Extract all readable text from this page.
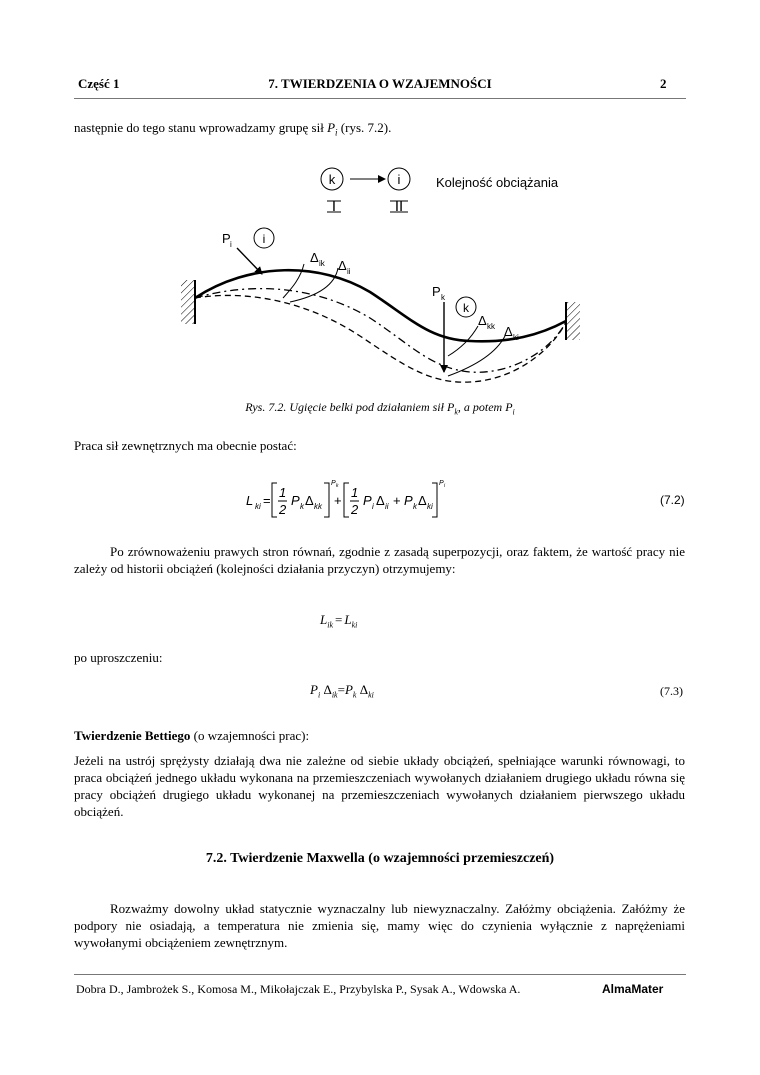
Część 1	7. TWIERDZENIA O WZAJEMNOŚCI	2
następnie do tego stanu wprowadzamy grupę sił $P_i$ (rys. 7.2).
k	i	Kolejność obciążania
I	II
P i	i
Δ ik Δ ii
P k
k
Δ kk Δ ki
Rys. 7.2. Ugięcie belki pod działaniem sił $P_k$, a potem $P_i$
Praca sił zewnętrznych ma obecnie postać:
L ki =
1
2
P k Δ kk
P k
+
1
2
P i Δ ii + P k Δ ki
P i
(7.2)
Po zrównoważeniu prawych stron równań, zgodnie z zasadą superpozycji, oraz faktem, że wartość pracy nie zależy od historii obciążeń (kolejności działania przyczyn) otrzymujemy:
$L_{ik} = L_{ki}$
po uproszczeniu:
$P_i$ $\Delta_{ik}=P_k$ $\Delta_{ki}$	(7.3)
Twierdzenie Bettiego (o wzajemności prac):
Jeżeli na ustrój sprężysty działają dwa nie zależne od siebie układy obciążeń, spełniające warunki równowagi, to praca obciążeń jednego układu wykonana na przemieszczeniach wywołanych działaniem drugiego układu równa się pracy obciążeń drugiego układu wykonanej na przemieszczeniach wywołanych działaniem pierwszego układu obciążeń.
7.2. Twierdzenie Maxwella (o wzajemności przemieszczeń)
Rozważmy dowolny układ statycznie wyznaczalny lub niewyznaczalny. Załóżmy obciążenia. Załóżmy że podpory nie osiadają, a temperatura nie zmienia się, mamy więc do czynienia wyłącznie z naprężeniami wywołanymi obciążeniem zewnętrznym.
Dobra D., Jambrożek S., Komosa M., Mikołajczak E., Przybylska P., Sysak A., Wdowska A.	AlmaMater
